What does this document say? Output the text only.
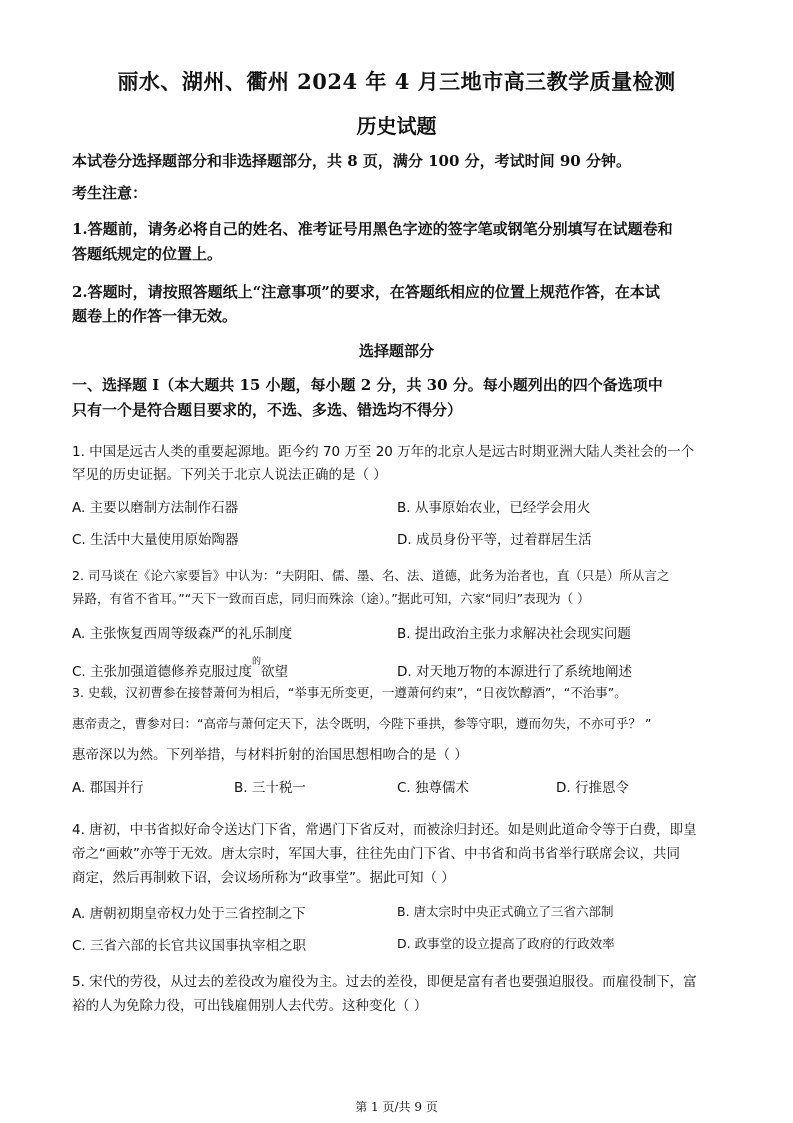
丽水、湖州、衢州 2024 年 4 月三地市高三教学质量检测
历史试题
本试卷分选择题部分和非选择题部分，共 8 页，满分 100 分，考试时间 90 分钟。
考生注意：
1.答题前，请务必将自己的姓名、准考证号用黑色字迹的签字笔或钢笔分别填写在试题卷和
答题纸规定的位置上。
2.答题时，请按照答题纸上“注意事项”的要求，在答题纸相应的位置上规范作答，在本试
题卷上的作答一律无效。
选择题部分
一、选择题 I（本大题共 15 小题，每小题 2 分，共 30 分。每小题列出的四个备选项中
只有一个是符合题目要求的，不选、多选、错选均不得分）
1. 中国是远古人类的重要起源地。距今约 70 万至 20 万年的北京人是远古时期亚洲大陆人类社会的一个
罕见的历史证据。下列关于北京人说法正确的是（ ）
A. 主要以磨制方法制作石器	B. 从事原始农业，已经学会用火
C. 生活中大量使用原始陶器	D. 成员身份平等，过着群居生活
2. 司马谈在《论六家要旨》中认为：“夫阴阳、儒、墨、名、法、道德，此务为治者也，直（只是）所从言之
异路，有省不省耳。”“天下一致而百虑，同归而殊涂（途）。”据此可知，六家“同归”表现为（ ）
A. 主张恢复西周等级森严的礼乐制度	B. 提出政治主张力求解决社会现实问题
C. 主张加强道德修养克服过度$^的$欲望	D. 对天地万物的本源进行了系统地阐述
3. 史载，汉初曹参在接替萧何为相后，“举事无所变更，一遵萧何约束”，“日夜饮醇酒”，“不治事”。
惠帝责之，曹参对曰：“高帝与萧何定天下，法令既明，今陛下垂拱，参等守职，遵而勿失，不亦可乎？ ”
惠帝深以为然。下列举措，与材料折射的治国思想相吻合的是（ ）
A. 郡国并行	B. 三十税一	C. 独尊儒术	D. 行推恩令
4. 唐初，中书省拟好命令送达门下省，常遇门下省反对，而被涂归封还。如是则此道命令等于白费，即皇
帝之“画敕”亦等于无效。唐太宗时，军国大事，往往先由门下省、中书省和尚书省举行联席会议，共同
商定，然后再制敕下诏，会议场所称为“政事堂”。据此可知（ ）
A. 唐朝初期皇帝权力处于三省控制之下	B. 唐太宗时中央正式确立了三省六部制
C. 三省六部的长官共议国事执宰相之职	D. 政事堂的设立提高了政府的行政效率
5. 宋代的劳役，从过去的差役改为雇役为主。过去的差役，即便是富有者也要强迫服役。而雇役制下，富
裕的人为免除力役，可出钱雇佣别人去代劳。这种变化（ ）
第 1 页/共 9 页
